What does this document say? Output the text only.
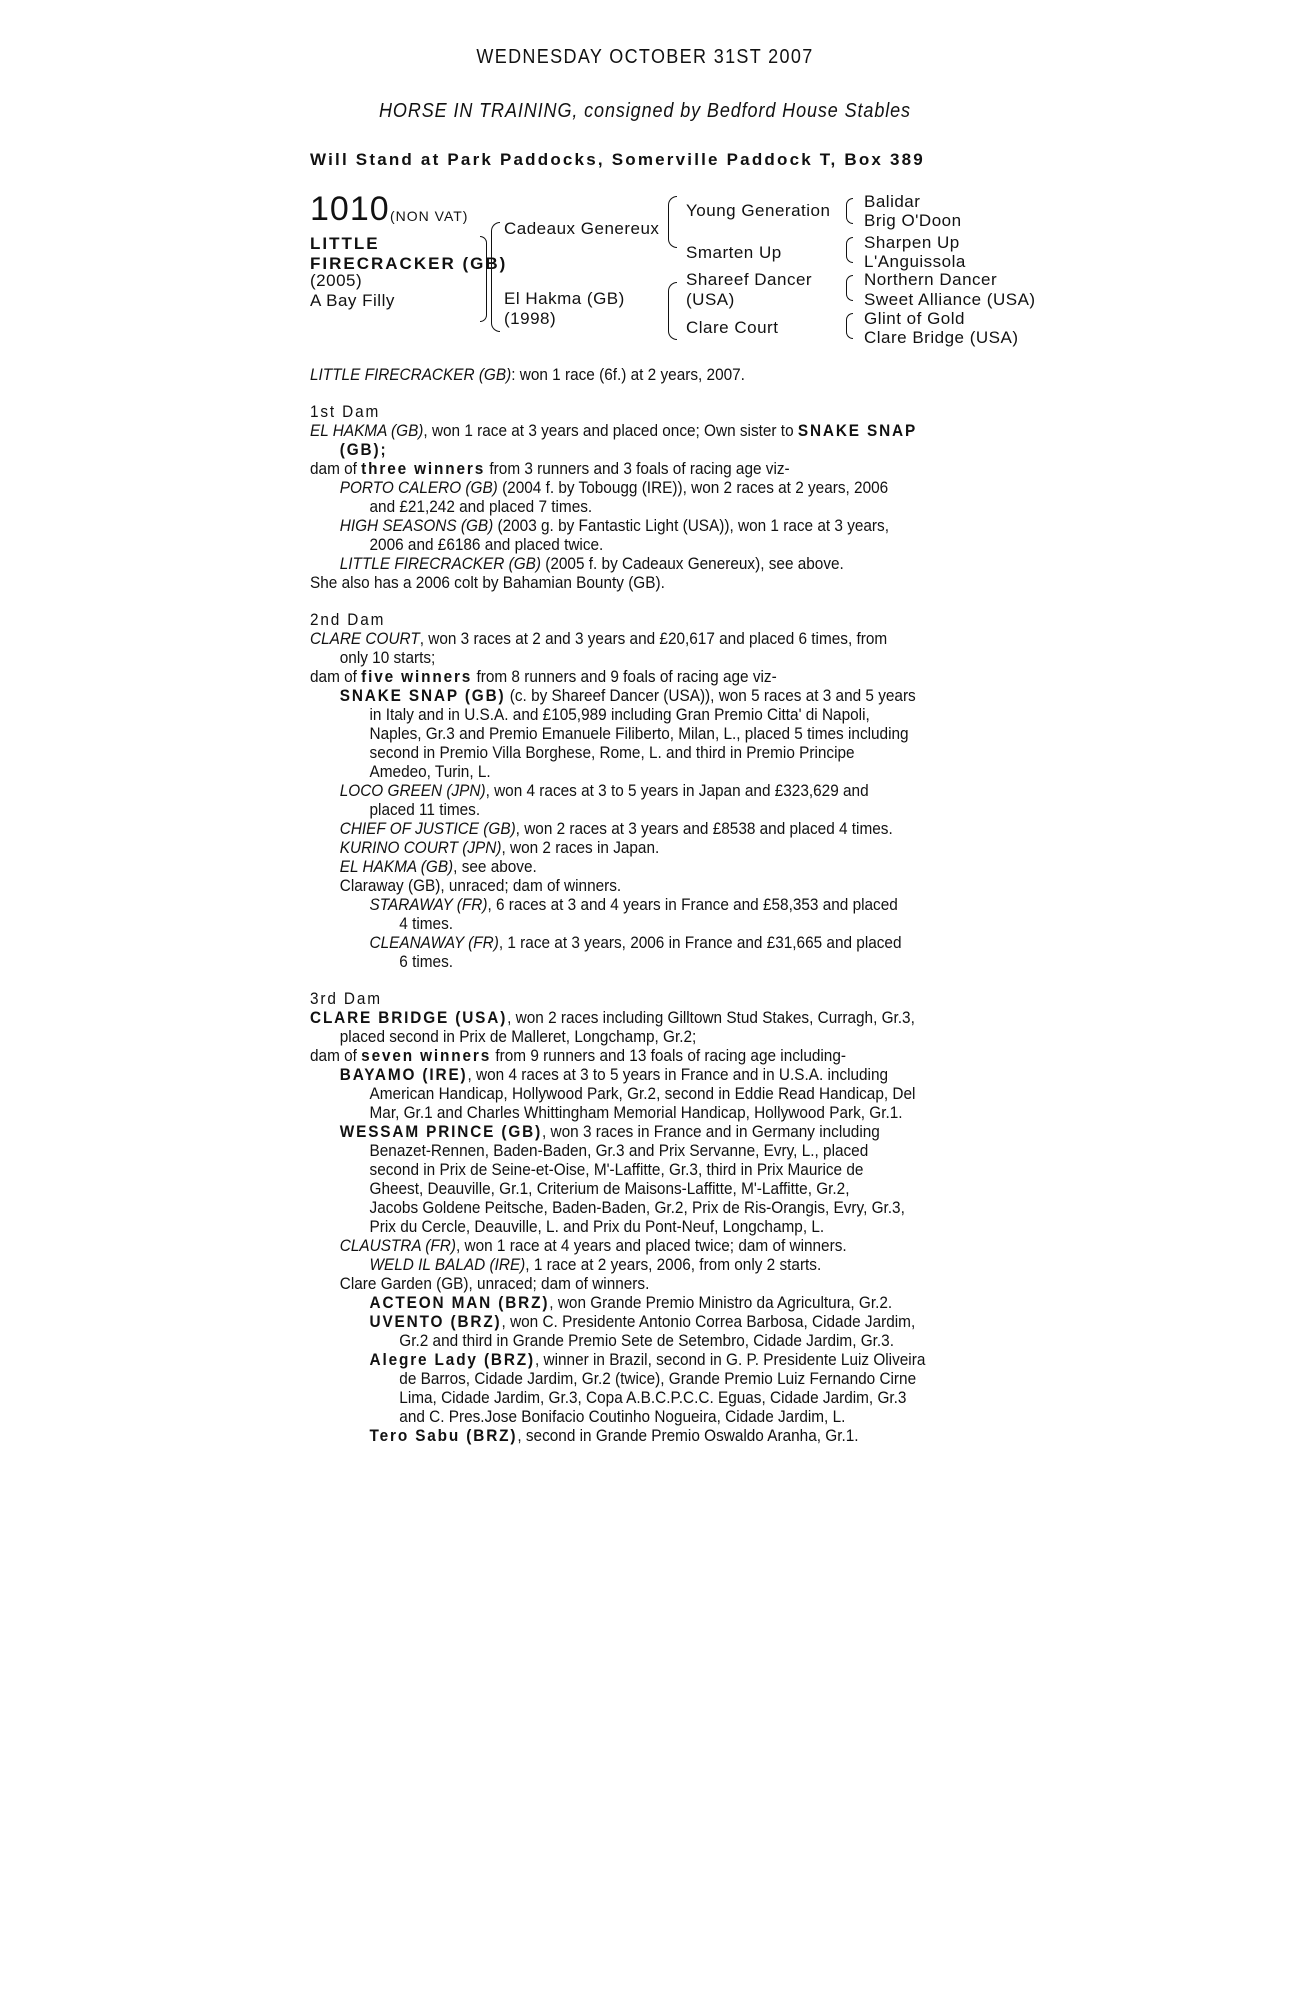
WEDNESDAY OCTOBER 31ST 2007
HORSE IN TRAINING, consigned by Bedford House Stables
Will Stand at Park Paddocks, Somerville Paddock T, Box 389
1010 (NON VAT)
LITTLE
FIRECRACKER (GB)
(2005)
A Bay Filly
Cadeaux Genereux
El Hakma (GB)
(1998)
Young Generation
Smarten Up
Shareef Dancer
(USA)
Clare Court
Balidar
Brig O'Doon
Sharpen Up
L'Anguissola
Northern Dancer
Sweet Alliance (USA)
Glint of Gold
Clare Bridge (USA)

LITTLE FIRECRACKER (GB): won 1 race (6f.) at 2 years, 2007.

1st Dam

EL HAKMA (GB), won 1 race at 3 years and placed once; Own sister to SNAKE SNAP

(GB);

dam of three winners from 3 runners and 3 foals of racing age viz-

PORTO CALERO (GB) (2004 f. by Tobougg (IRE)), won 2 races at 2 years, 2006

and £21,242 and placed 7 times.

HIGH SEASONS (GB) (2003 g. by Fantastic Light (USA)), won 1 race at 3 years,

2006 and £6186 and placed twice.

LITTLE FIRECRACKER (GB) (2005 f. by Cadeaux Genereux), see above.

She also has a 2006 colt by Bahamian Bounty (GB).

2nd Dam

CLARE COURT, won 3 races at 2 and 3 years and £20,617 and placed 6 times, from

only 10 starts;

dam of five winners from 8 runners and 9 foals of racing age viz-

SNAKE SNAP (GB) (c. by Shareef Dancer (USA)), won 5 races at 3 and 5 years

in Italy and in U.S.A. and £105,989 including Gran Premio Citta' di Napoli,

Naples, Gr.3 and Premio Emanuele Filiberto, Milan, L., placed 5 times including

second in Premio Villa Borghese, Rome, L. and third in Premio Principe

Amedeo, Turin, L.

LOCO GREEN (JPN), won 4 races at 3 to 5 years in Japan and £323,629 and

placed 11 times.

CHIEF OF JUSTICE (GB), won 2 races at 3 years and £8538 and placed 4 times.

KURINO COURT (JPN), won 2 races in Japan.

EL HAKMA (GB), see above.

Claraway (GB), unraced; dam of winners.

STARAWAY (FR), 6 races at 3 and 4 years in France and £58,353 and placed

4 times.

CLEANAWAY (FR), 1 race at 3 years, 2006 in France and £31,665 and placed

6 times.

3rd Dam

CLARE BRIDGE (USA), won 2 races including Gilltown Stud Stakes, Curragh, Gr.3,

placed second in Prix de Malleret, Longchamp, Gr.2;

dam of seven winners from 9 runners and 13 foals of racing age including-

BAYAMO (IRE), won 4 races at 3 to 5 years in France and in U.S.A. including

American Handicap, Hollywood Park, Gr.2, second in Eddie Read Handicap, Del

Mar, Gr.1 and Charles Whittingham Memorial Handicap, Hollywood Park, Gr.1.

WESSAM PRINCE (GB), won 3 races in France and in Germany including

Benazet-Rennen, Baden-Baden, Gr.3 and Prix Servanne, Evry, L., placed

second in Prix de Seine-et-Oise, M'-Laffitte, Gr.3, third in Prix Maurice de

Gheest, Deauville, Gr.1, Criterium de Maisons-Laffitte, M'-Laffitte, Gr.2,

Jacobs Goldene Peitsche, Baden-Baden, Gr.2, Prix de Ris-Orangis, Evry, Gr.3,

Prix du Cercle, Deauville, L. and Prix du Pont-Neuf, Longchamp, L.

CLAUSTRA (FR), won 1 race at 4 years and placed twice; dam of winners.

WELD IL BALAD (IRE), 1 race at 2 years, 2006, from only 2 starts.

Clare Garden (GB), unraced; dam of winners.

ACTEON MAN (BRZ), won Grande Premio Ministro da Agricultura, Gr.2.

UVENTO (BRZ), won C. Presidente Antonio Correa Barbosa, Cidade Jardim,

Gr.2 and third in Grande Premio Sete de Setembro, Cidade Jardim, Gr.3.

Alegre Lady (BRZ), winner in Brazil, second in G. P. Presidente Luiz Oliveira

de Barros, Cidade Jardim, Gr.2 (twice), Grande Premio Luiz Fernando Cirne

Lima, Cidade Jardim, Gr.3, Copa A.B.C.P.C.C. Eguas, Cidade Jardim, Gr.3

and C. Pres.Jose Bonifacio Coutinho Nogueira, Cidade Jardim, L.

Tero Sabu (BRZ), second in Grande Premio Oswaldo Aranha, Gr.1.
